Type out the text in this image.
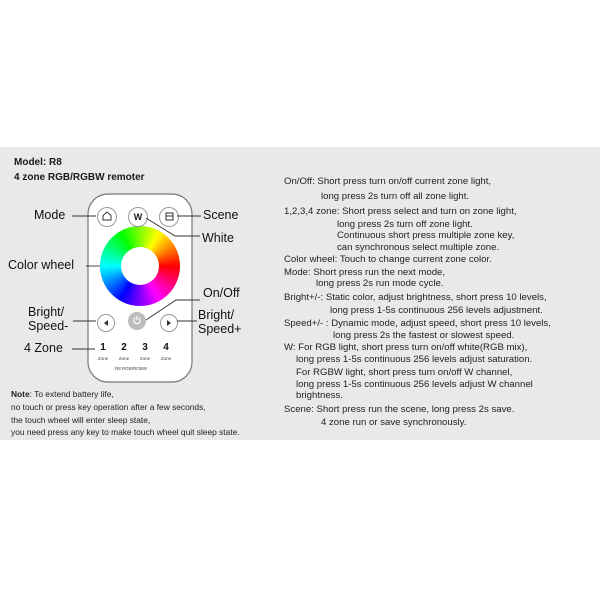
Model: R8
4 zone RGB/RGBW remoter
W
1	2	3	4
Zone	Zone	Zone	Zone
R8 RGB/RGBW
Mode	Scene
White
Color wheel
On/Off
Bright/
Speed-
Bright/
Speed+
4 Zone
Note: To extend battery life,
no touch or press key operation after a few seconds,
the touch wheel will enter sleep state,
you need press any key to make touch wheel quit sleep state.
On/Off: Short press turn on/off current zone light,
long press 2s turn off all zone light.
1,2,3,4 zone: Short press select and turn on zone light,
long press 2s turn off zone light.
Continuous short press multiple zone key,
can synchronous select multiple zone.
Color wheel: Touch to change current zone color.
Mode: Short press run the next mode,
long press 2s run mode cycle.
Bright+/-: Static color, adjust brightness, short press 10 levels,
long press 1-5s continuous 256 levels adjustment.
Speed+/- : Dynamic mode, adjust speed, short press 10 levels,
long press 2s the fastest or slowest speed.
W: For RGB light, short press turn on/off white(RGB mix),
long press 1-5s continuous 256 levels adjust saturation.
For RGBW light, short press turn on/off W channel,
long press 1-5s continuous 256 levels adjust W channel
brightness.
Scene: Short press run the scene, long press 2s save.
4 zone run or save synchronously.
